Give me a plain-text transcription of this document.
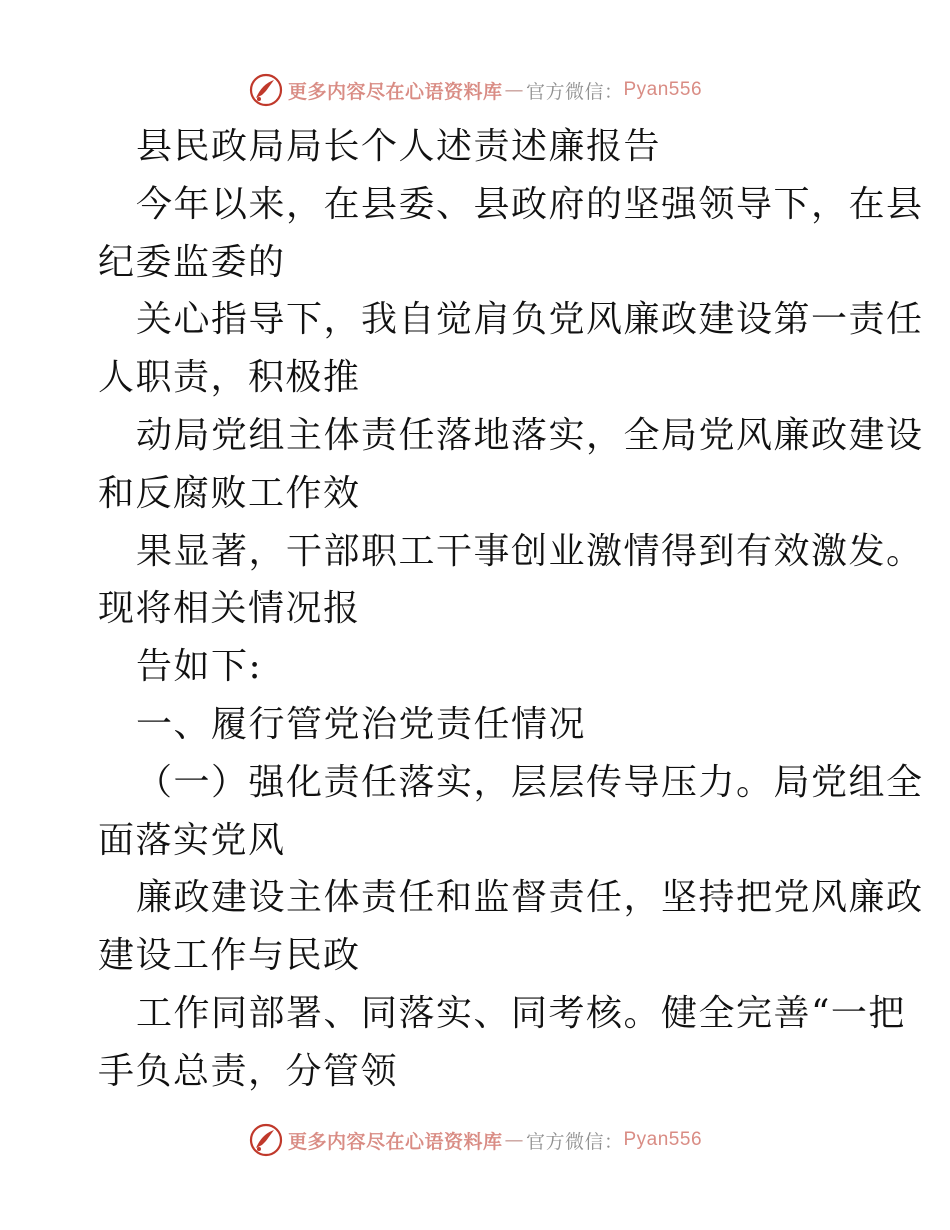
更多内容尽在心语资料库 — 官方微信： Pyan556
县民政局局长个人述责述廉报告
今年以来，在县委、县政府的坚强领导下，在县
纪委监委的
关心指导下，我自觉肩负党风廉政建设第一责任
人职责，积极推
动局党组主体责任落地落实，全局党风廉政建设
和反腐败工作效
果显著，干部职工干事创业激情得到有效激发。
现将相关情况报
告如下:
一、履行管党治党责任情况
（一）强化责任落实，层层传导压力。局党组全
面落实党风
廉政建设主体责任和监督责任，坚持把党风廉政
建设工作与民政
工作同部署、同落实、同考核。健全完善“一把
手负总责，分管领
更多内容尽在心语资料库 — 官方微信： Pyan556
